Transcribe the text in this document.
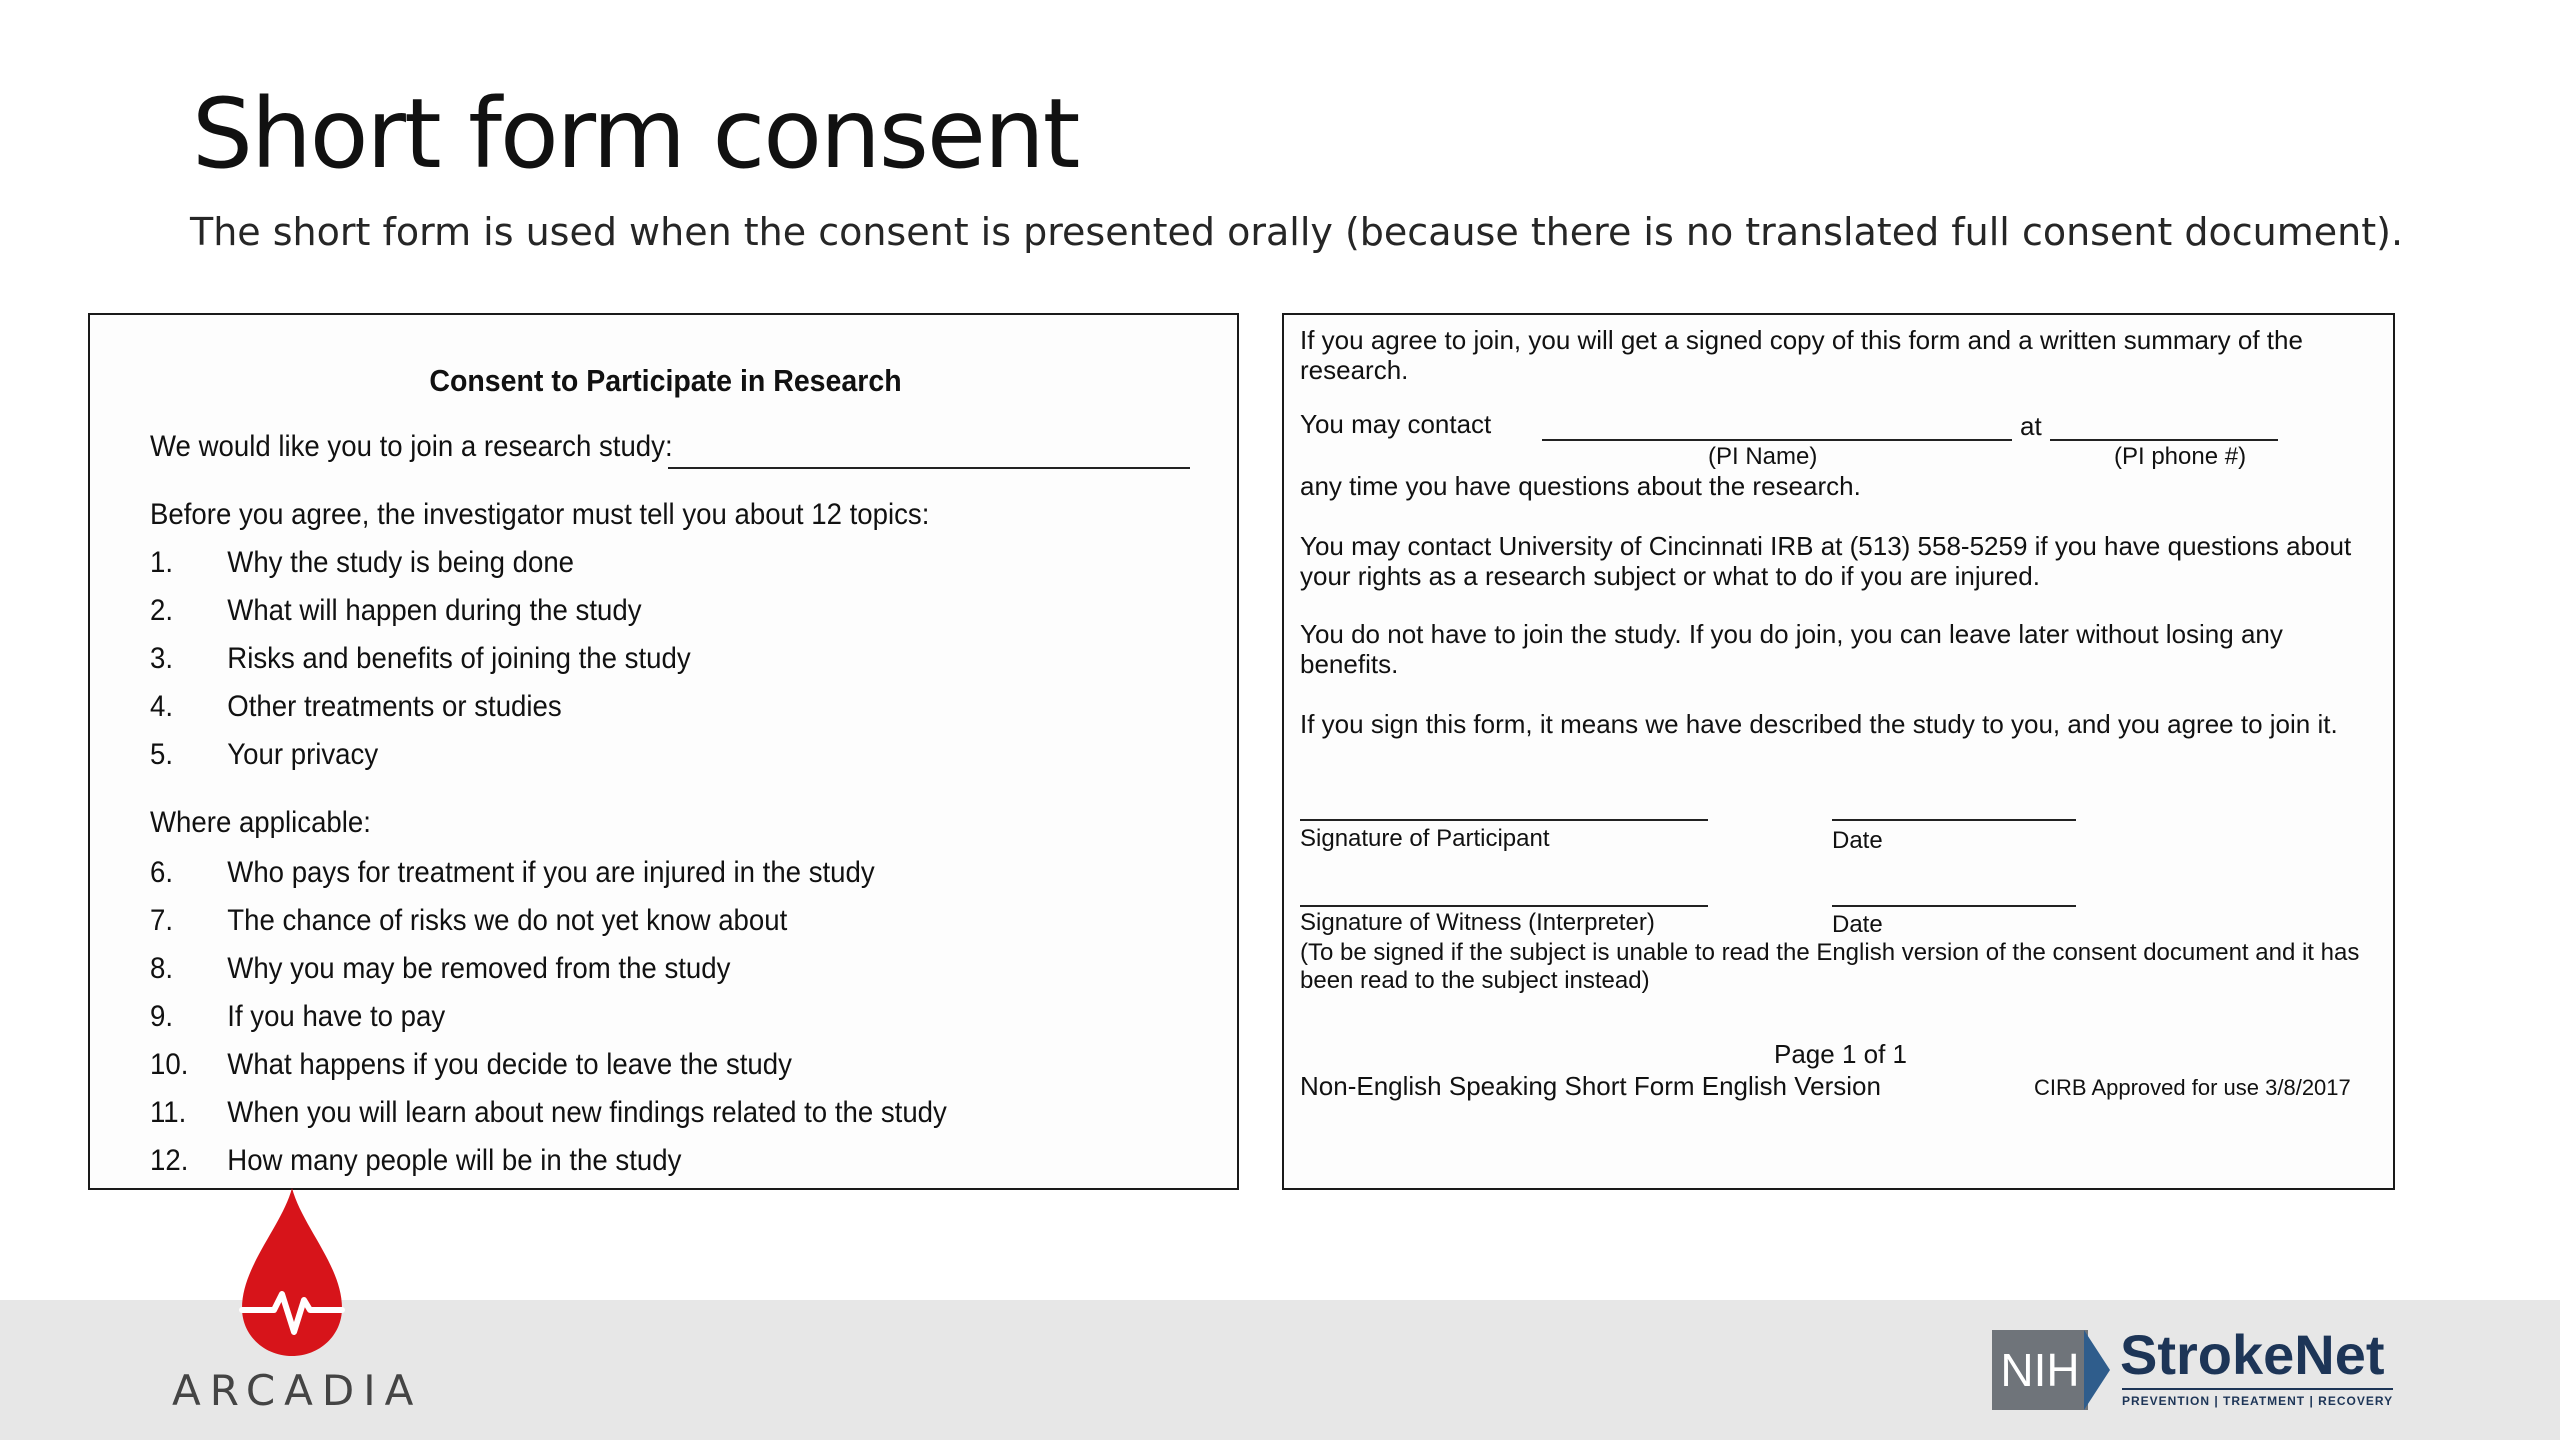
Short form consent
The short form is used when the consent is presented orally (because there is no translated full consent document).
Consent to Participate in Research
We would like you to join a research study:
Before you agree, the investigator must tell you about 12 topics:
1. Why the study is being done
2. What will happen during the study
3. Risks and benefits of joining the study
4. Other treatments or studies
5. Your privacy
Where applicable:
6. Who pays for treatment if you are injured in the study
7. The chance of risks we do not yet know about
8. Why you may be removed from the study
9. If you have to pay
10. What happens if you decide to leave the study
11. When you will learn about new findings related to the study
12. How many people will be in the study
If you agree to join, you will get a signed copy of this form and a written summary of the research.
You may contact	at
(PI Name)	(PI phone #)
any time you have questions about the research.
You may contact University of Cincinnati IRB at (513) 558-5259 if you have questions about your rights as a research subject or what to do if you are injured.
You do not have to join the study. If you do join, you can leave later without losing any benefits.
If you sign this form, it means we have described the study to you, and you agree to join it.
Signature of Participant	Date
Signature of Witness (Interpreter)	Date
(To be signed if the subject is unable to read the English version of the consent document and it has been read to the subject instead)
Page 1 of 1
Non-English Speaking Short Form English Version	CIRB Approved for use 3/8/2017
ARCADIA	NIH StrokeNet
PREVENTION | TREATMENT | RECOVERY
